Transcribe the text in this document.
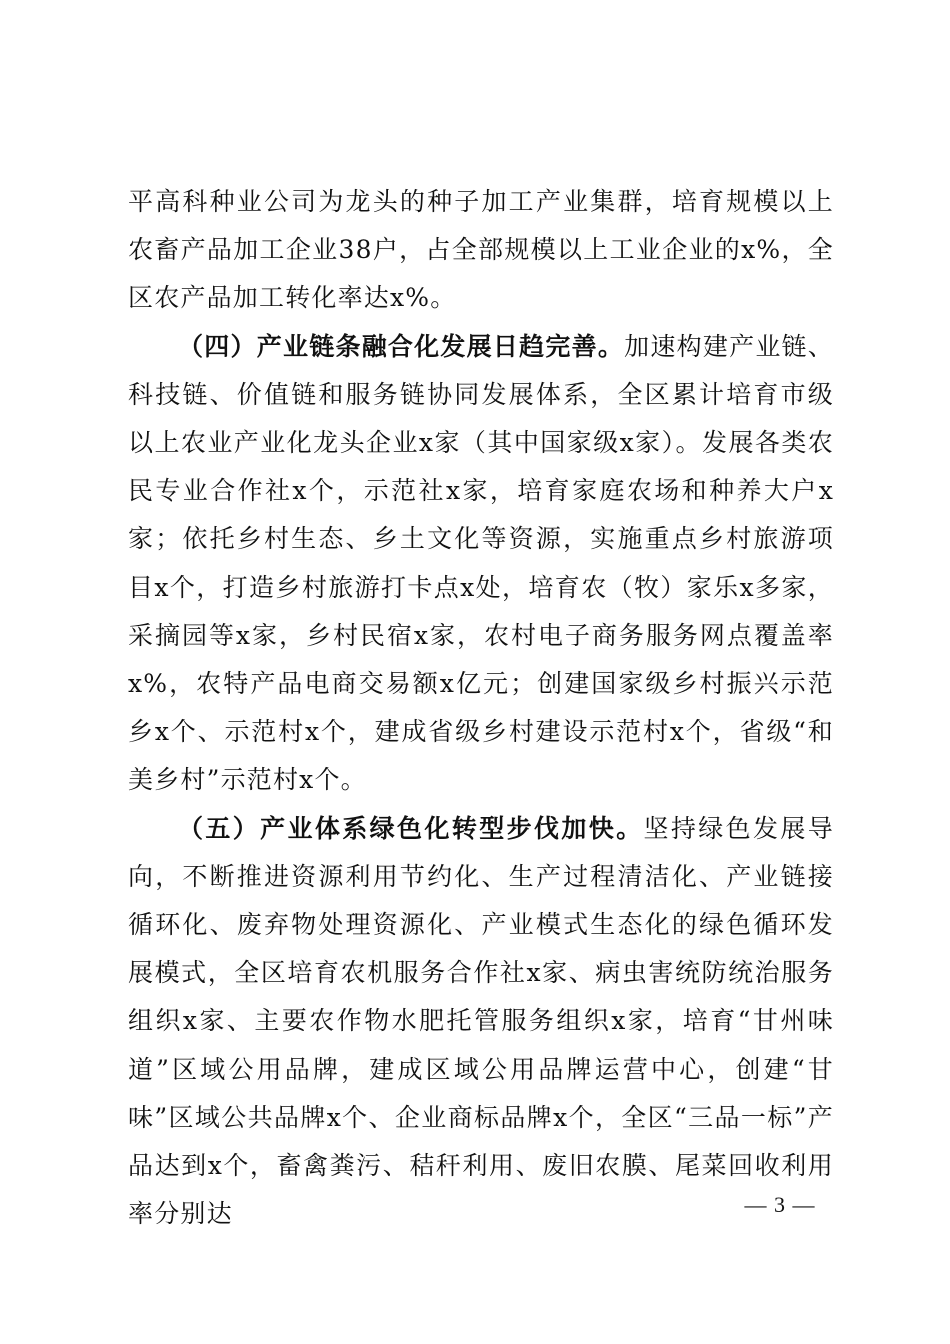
平高科种业公司为龙头的种子加工产业集群，培育规模以上农畜产品加工企业38户，占全部规模以上工业企业的x%，全区农产品加工转化率达x%。

（四）产业链条融合化发展日趋完善。加速构建产业链、科技链、价值链和服务链协同发展体系，全区累计培育市级以上农业产业化龙头企业x家（其中国家级x家）。发展各类农民专业合作社x个，示范社x家，培育家庭农场和种养大户x家；依托乡村生态、乡土文化等资源，实施重点乡村旅游项目x个，打造乡村旅游打卡点x处，培育农（牧）家乐x多家，采摘园等x家，乡村民宿x家，农村电子商务服务网点覆盖率x%，农特产品电商交易额x亿元；创建国家级乡村振兴示范乡x个、示范村x个，建成省级乡村建设示范村x个，省级“和美乡村”示范村x个。

（五）产业体系绿色化转型步伐加快。坚持绿色发展导向，不断推进资源利用节约化、生产过程清洁化、产业链接循环化、废弃物处理资源化、产业模式生态化的绿色循环发展模式，全区培育农机服务合作社x家、病虫害统防统治服务组织x家、主要农作物水肥托管服务组织x家，培育“甘州味道”区域公用品牌，建成区域公用品牌运营中心，创建“甘味”区域公共品牌x个、企业商标品牌x个，全区“三品一标”产品达到x个，畜禽粪污、秸秆利用、废旧农膜、尾菜回收利用率分别达	— 3 —
